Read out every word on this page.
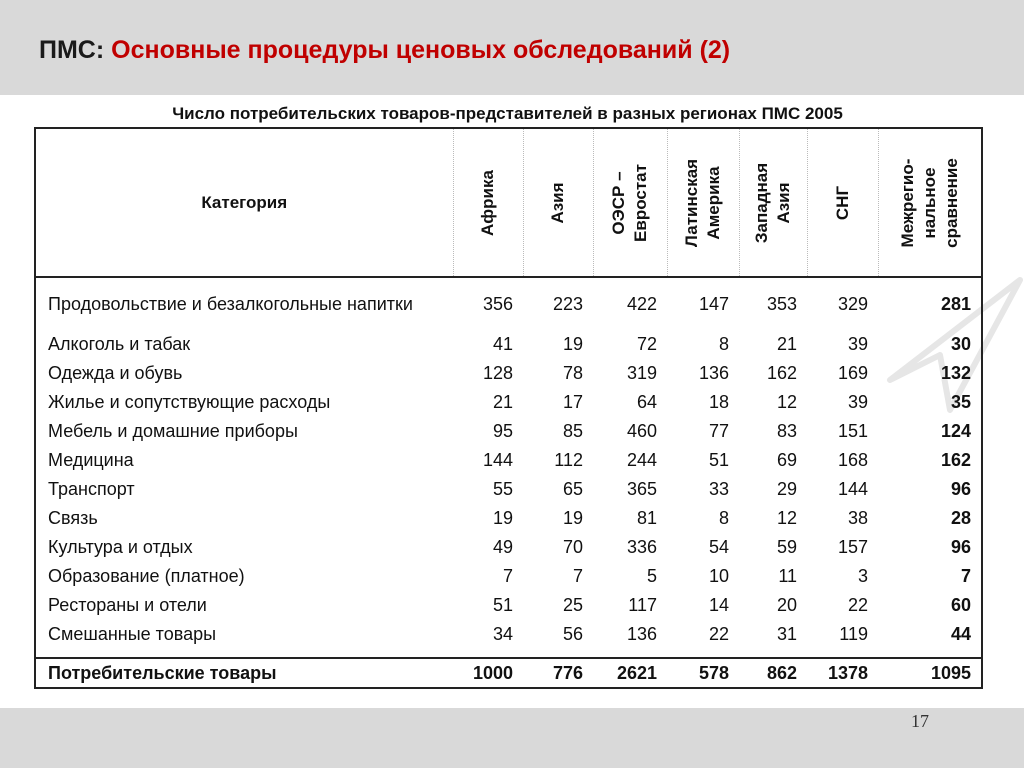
ПМС: Основные процедуры ценовых обследований (2)
Число потребительских товаров-представителей в разных регионах ПМС 2005
Категория	Африка	Азия	ОЭСР – Евростат	Латинская Америка	Западная Азия	СНГ	Межрегио- нальное сравнение

Продовольствие и безалкогольные напитки	356	223	422	147	353	329	281
Алкоголь и табак	41	19	72	8	21	39	30
Одежда и обувь	128	78	319	136	162	169	132
Жилье и сопутствующие расходы	21	17	64	18	12	39	35
Мебель и домашние приборы	95	85	460	77	83	151	124
Медицина	144	112	244	51	69	168	162
Транспорт	55	65	365	33	29	144	96
Связь	19	19	81	8	12	38	28
Культура и отдых	49	70	336	54	59	157	96
Образование (платное)	7	7	5	10	11	3	7
Рестораны и отели	51	25	117	14	20	22	60
Смешанные товары	34	56	136	22	31	119	44

Потребительские товары	1000	776	2621	578	862	1378	1095
17
